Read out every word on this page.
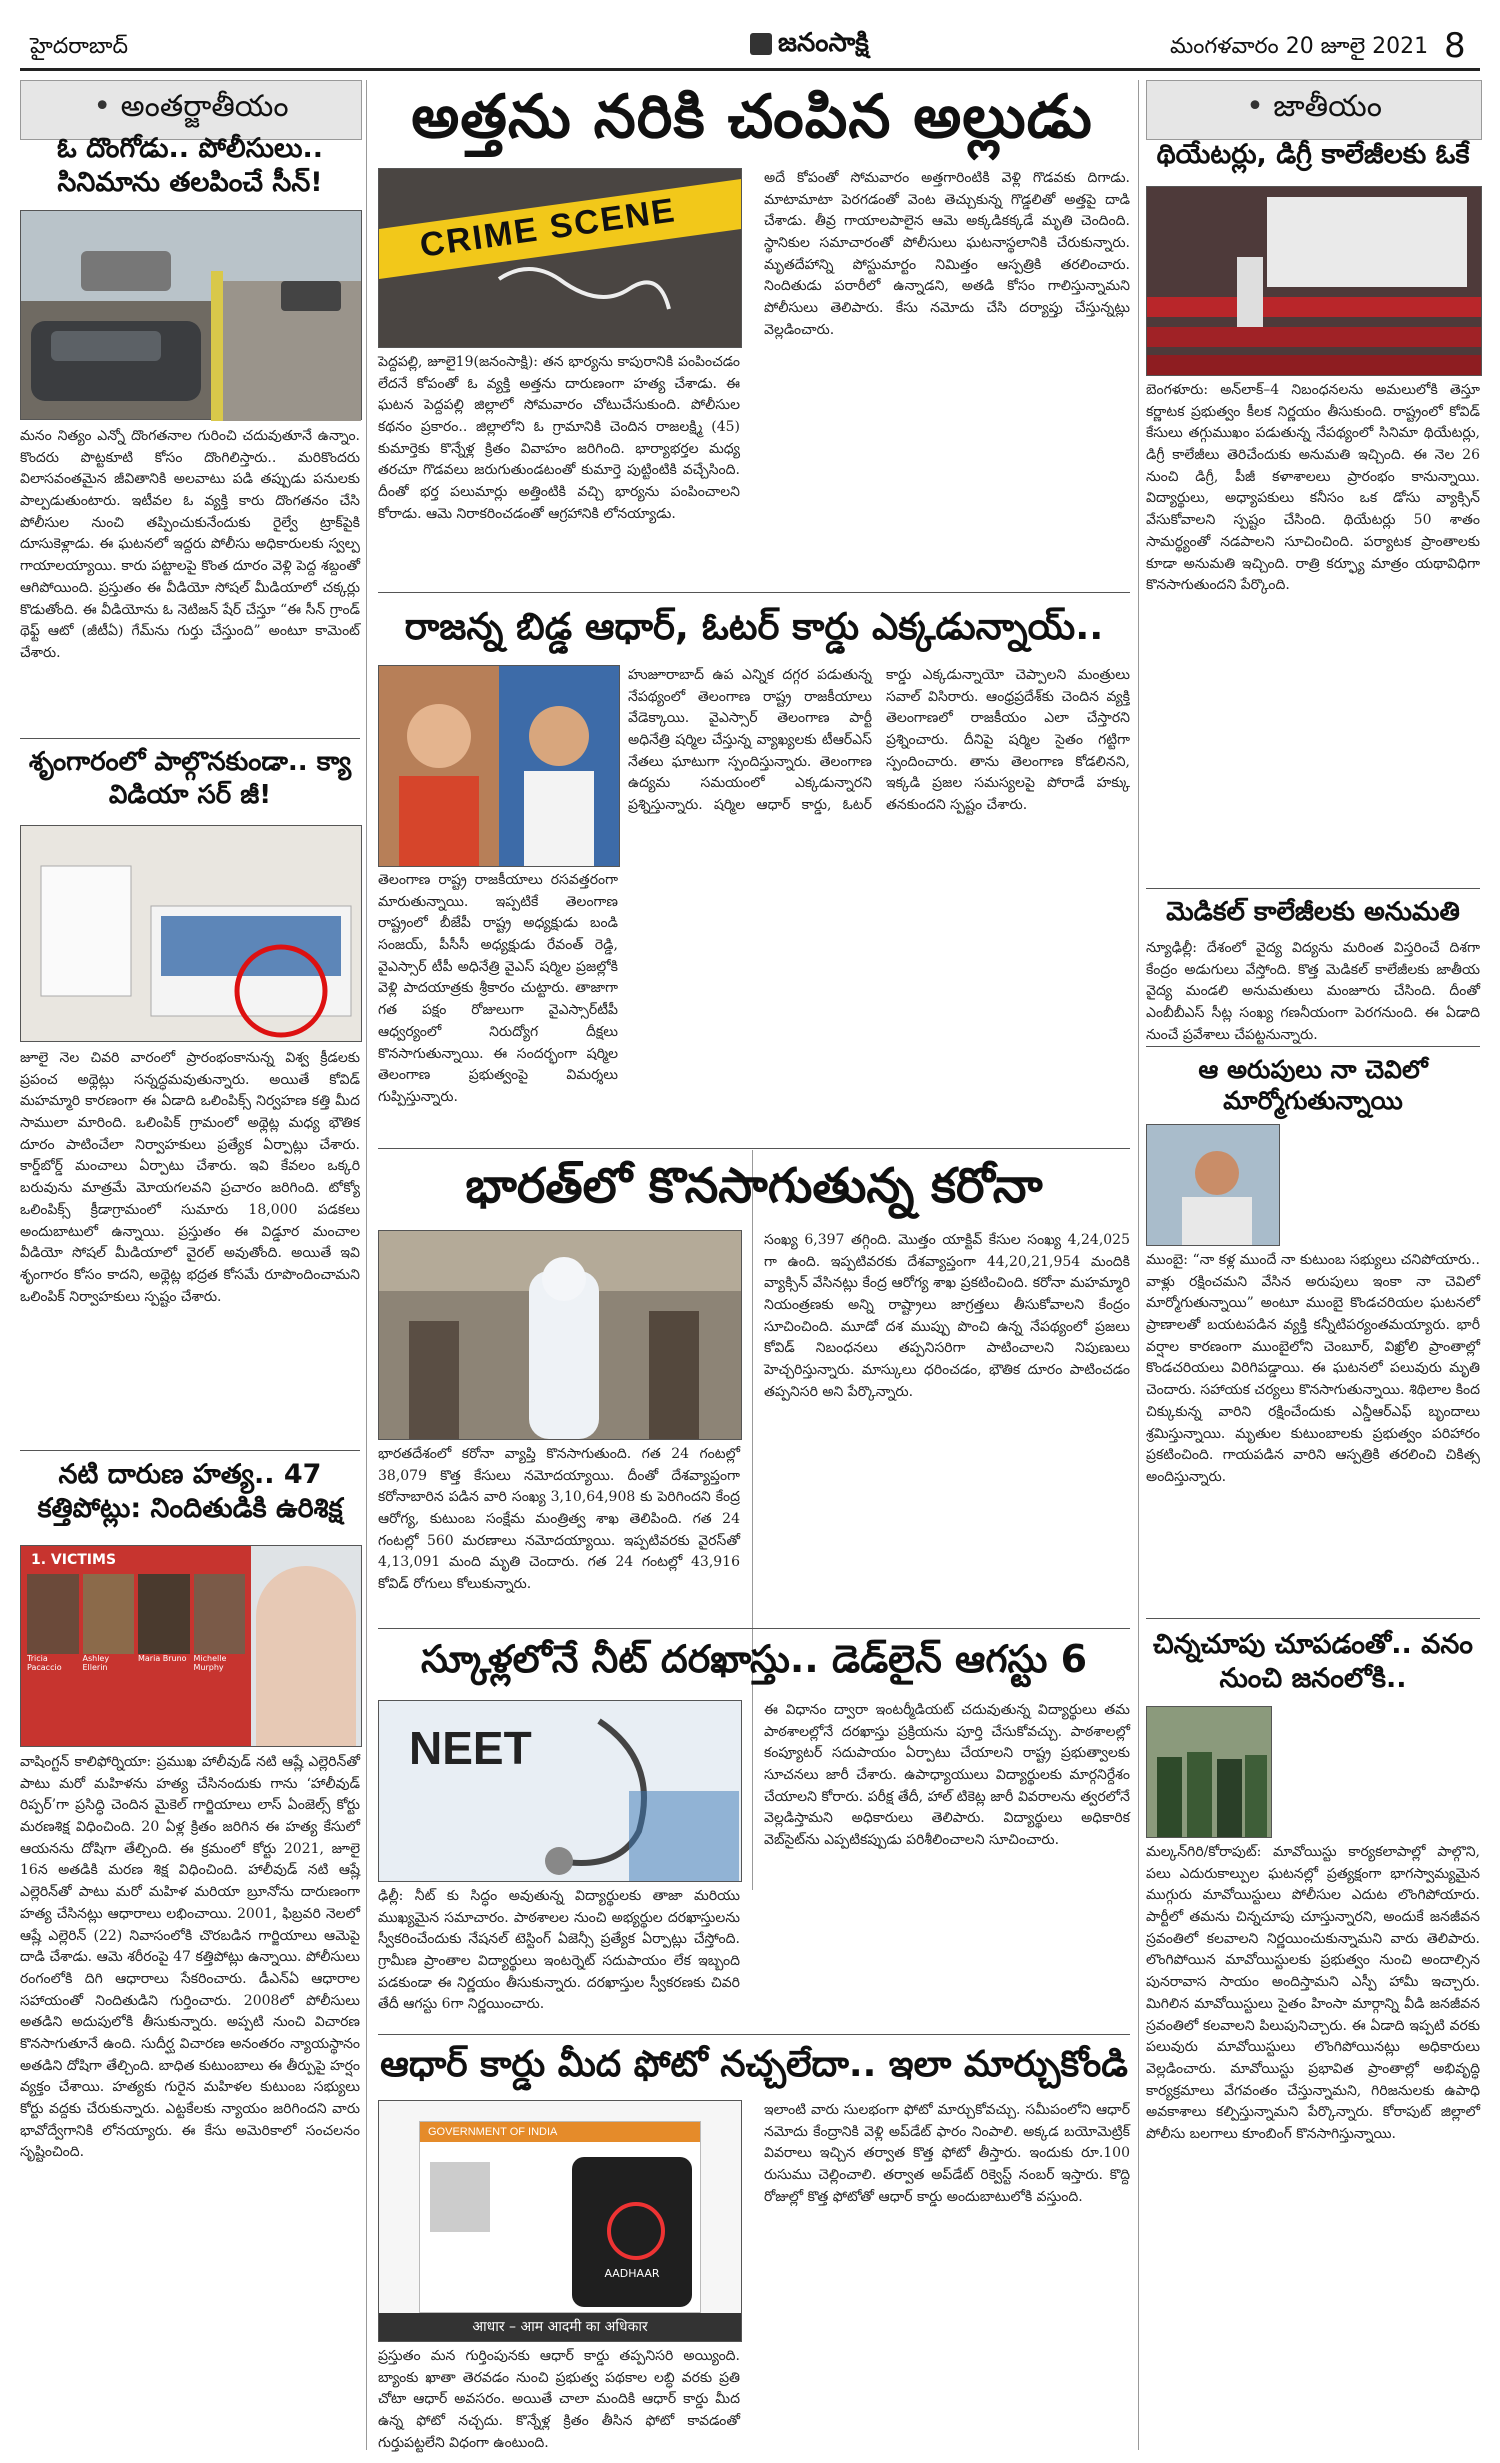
హైదరాబాద్	జనంసాక్షి	మంగళవారం 20 జూలై 2021 8
• అంతర్జాతీయం
ఓ దొంగోడు.. పోలీసులు.. సినిమాను తలపించే సీన్‌!
మనం నిత్యం ఎన్నో దొంగతనాల గురించి చదువుతూనే ఉన్నాం. కొందరు పొట్టకూటి కోసం దొంగిలిస్తారు.. మరికొందరు విలాసవంతమైన జీవితానికి అలవాటు పడి తప్పుడు పనులకు పాల్పడుతుంటారు. ఇటీవల ఓ వ్యక్తి కారు దొంగతనం చేసి పోలీసుల నుంచి తప్పించుకునేందుకు రైల్వే ట్రాక్‌పైకి దూసుకెళ్లాడు. ఈ ఘటనలో ఇద్దరు పోలీసు అధికారులకు స్వల్ప గాయాలయ్యాయి. కారు పట్టాలపై కొంత దూరం వెళ్లి పెద్ద శబ్దంతో ఆగిపోయింది. ప్రస్తుతం ఈ వీడియో సోషల్‌ మీడియాలో చక్కర్లు కొడుతోంది. ఈ వీడియోను ఓ నెటిజన్‌ షేర్‌ చేస్తూ “ఈ సీన్‌ గ్రాండ్‌ థెఫ్ట్‌ ఆటో (జీటీఏ) గేమ్‌ను గుర్తు చేస్తుంది” అంటూ కామెంట్‌ చేశారు.
శృంగారంలో పాల్గొనకుండా.. క్యా విడియా సర్‌ జీ!
జూలై నెల చివరి వారంలో ప్రారంభంకానున్న విశ్వ క్రీడలకు ప్రపంచ అథ్లెట్లు సన్నద్ధమవుతున్నారు. అయితే కోవిడ్‌ మహమ్మారి కారణంగా ఈ ఏడాది ఒలింపిక్స్‌ నిర్వహణ కత్తి మీద సాములా మారింది. ఒలింపిక్‌ గ్రామంలో అథ్లెట్ల మధ్య భౌతిక దూరం పాటించేలా నిర్వాహకులు ప్రత్యేక ఏర్పాట్లు చేశారు. కార్డ్‌బోర్డ్‌ మంచాలు ఏర్పాటు చేశారు. ఇవి కేవలం ఒక్కరి బరువును మాత్రమే మోయగలవని ప్రచారం జరిగింది. టోక్యో ఒలింపిక్స్‌ క్రీడాగ్రామంలో సుమారు 18,000 పడకలు అందుబాటులో ఉన్నాయి. ప్రస్తుతం ఈ విడ్డూర మంచాల వీడియో సోషల్‌ మీడియాలో వైరల్‌ అవుతోంది. అయితే ఇవి శృంగారం కోసం కాదని, అథ్లెట్ల భద్రత కోసమే రూపొందించామని ఒలింపిక్‌ నిర్వాహకులు స్పష్టం చేశారు.
నటి దారుణ హత్య.. 47 కత్తిపోట్లు: నిందితుడికి ఉరిశిక్ష
1. VICTIMS
Tricia Pacaccio
Ashley Ellerin
Maria Bruno Michelle Murphy
వాషింగ్టన్‌ కాలిఫోర్నియా: ప్రముఖ హాలీవుడ్‌ నటి ఆష్లే ఎల్లెరిన్‌తో పాటు మరో మహిళను హత్య చేసినందుకు గాను ‘హాలీవుడ్‌ రిప్పర్‌’గా ప్రసిద్ధి చెందిన మైకెల్‌ గార్జియాలు లాస్‌ ఏంజెల్స్‌ కోర్టు మరణశిక్ష విధించింది. 20 ఏళ్ల క్రితం జరిగిన ఈ హత్య కేసులో ఆయనను దోషిగా తేల్చింది. ఈ క్రమంలో కోర్టు 2021, జూలై 16న అతడికి మరణ శిక్ష విధించింది. హాలీవుడ్‌ నటి ఆష్లే ఎల్లెరిన్‌తో పాటు మరో మహిళ మరియా బ్రూనోను దారుణంగా హత్య చేసినట్లు ఆధారాలు లభించాయి. 2001, ఫిబ్రవరి నెలలో ఆష్లే ఎల్లెరిన్‌ (22) నివాసంలోకి చొరబడిన గార్జియాలు ఆమెపై దాడి చేశాడు. ఆమె శరీరంపై 47 కత్తిపోట్లు ఉన్నాయి. పోలీసులు రంగంలోకి దిగి ఆధారాలు సేకరించారు. డీఎన్‌ఏ ఆధారాల సహాయంతో నిందితుడిని గుర్తించారు. 2008లో పోలీసులు అతడిని అదుపులోకి తీసుకున్నారు. అప్పటి నుంచి విచారణ కొనసాగుతూనే ఉంది. సుదీర్ఘ విచారణ అనంతరం న్యాయస్థానం అతడిని దోషిగా తేల్చింది. బాధిత కుటుంబాలు ఈ తీర్పుపై హర్షం వ్యక్తం చేశాయి. హత్యకు గురైన మహిళల కుటుంబ సభ్యులు కోర్టు వద్దకు చేరుకున్నారు. ఎట్టకేలకు న్యాయం జరిగిందని వారు భావోద్వేగానికి లోనయ్యారు. ఈ కేసు అమెరికాలో సంచలనం సృష్టించింది.
అత్తను నరికి చంపిన అల్లుడు
CRIME SCENE
పెద్దపల్లి, జూలై19(జనంసాక్షి): తన భార్యను కాపురానికి పంపించడం లేదనే కోపంతో ఓ వ్యక్తి అత్తను దారుణంగా హత్య చేశాడు. ఈ ఘటన పెద్దపల్లి జిల్లాలో సోమవారం చోటుచేసుకుంది. పోలీసుల కథనం ప్రకారం.. జిల్లాలోని ఓ గ్రామానికి చెందిన రాజలక్ష్మి (45) కుమార్తెకు కొన్నేళ్ల క్రితం వివాహం జరిగింది. భార్యాభర్తల మధ్య తరచూ గొడవలు జరుగుతుండటంతో కుమార్తె పుట్టింటికి వచ్చేసింది. దీంతో భర్త పలుమార్లు అత్తింటికి వచ్చి భార్యను పంపించాలని కోరాడు. ఆమె నిరాకరించడంతో ఆగ్రహానికి లోనయ్యాడు.
అదే కోపంతో సోమవారం అత్తగారింటికి వెళ్లి గొడవకు దిగాడు. మాటామాటా పెరగడంతో వెంట తెచ్చుకున్న గొడ్డలితో అత్తపై దాడి చేశాడు. తీవ్ర గాయాలపాలైన ఆమె అక్కడికక్కడే మృతి చెందింది. స్థానికుల సమాచారంతో పోలీసులు ఘటనాస్థలానికి చేరుకున్నారు. మృతదేహాన్ని పోస్టుమార్టం నిమిత్తం ఆస్పత్రికి తరలించారు. నిందితుడు పరారీలో ఉన్నాడని, అతడి కోసం గాలిస్తున్నామని పోలీసులు తెలిపారు. కేసు నమోదు చేసి దర్యాప్తు చేస్తున్నట్లు వెల్లడించారు.
రాజన్న బిడ్డ ఆధార్‌, ఓటర్‌ కార్డు ఎక్కడున్నాయ్‌..
తెలంగాణ రాష్ట్ర రాజకీయాలు రసవత్తరంగా మారుతున్నాయి. ఇప్పటికే తెలంగాణ రాష్ట్రంలో బీజేపీ రాష్ట్ర అధ్యక్షుడు బండి సంజయ్‌, పీసీసీ అధ్యక్షుడు రేవంత్‌ రెడ్డి, వైఎస్సార్‌ టీపీ అధినేత్రి వైఎస్‌ షర్మిల ప్రజల్లోకి వెళ్లి పాదయాత్రకు శ్రీకారం చుట్టారు. తాజాగా గత పక్షం రోజులుగా వైఎస్సార్‌టీపీ ఆధ్వర్యంలో నిరుద్యోగ దీక్షలు కొనసాగుతున్నాయి. ఈ సందర్భంగా షర్మిల తెలంగాణ ప్రభుత్వంపై విమర్శలు గుప్పిస్తున్నారు.
హుజూరాబాద్‌ ఉప ఎన్నిక దగ్గర పడుతున్న నేపథ్యంలో తెలంగాణ రాష్ట్ర రాజకీయాలు వేడెక్కాయి. వైఎస్సార్‌ తెలంగాణ పార్టీ అధినేత్రి షర్మిల చేస్తున్న వ్యాఖ్యలకు టీఆర్‌ఎస్‌ నేతలు ఘాటుగా స్పందిస్తున్నారు. తెలంగాణ ఉద్యమ సమయంలో ఎక్కడున్నారని ప్రశ్నిస్తున్నారు. షర్మిల ఆధార్‌ కార్డు, ఓటర్‌ కార్డు ఎక్కడున్నాయో చెప్పాలని మంత్రులు సవాల్‌ విసిరారు. ఆంధ్రప్రదేశ్‌కు చెందిన వ్యక్తి తెలంగాణలో రాజకీయం ఎలా చేస్తారని ప్రశ్నించారు. దీనిపై షర్మిల సైతం గట్టిగా స్పందించారు. తాను తెలంగాణ కోడలినని, ఇక్కడి ప్రజల సమస్యలపై పోరాడే హక్కు తనకుందని స్పష్టం చేశారు.
భారత్‌లో కొనసాగుతున్న కరోనా
భారతదేశంలో కరోనా వ్యాప్తి కొనసాగుతుంది. గత 24 గంటల్లో 38,079 కొత్త కేసులు నమోదయ్యాయి. దీంతో దేశవ్యాప్తంగా కరోనాబారిన పడిన వారి సంఖ్య 3,10,64,908 కు పెరిగిందని కేంద్ర ఆరోగ్య, కుటుంబ సంక్షేమ మంత్రిత్వ శాఖ తెలిపింది. గత 24 గంటల్లో 560 మరణాలు నమోదయ్యాయి. ఇప్పటివరకు వైరస్‌తో 4,13,091 మంది మృతి చెందారు. గత 24 గంటల్లో 43,916 కోవిడ్‌ రోగులు కోలుకున్నారు.
సంఖ్య 6,397 తగ్గింది. మొత్తం యాక్టివ్‌ కేసుల సంఖ్య 4,24,025 గా ఉంది. ఇప్పటివరకు దేశవ్యాప్తంగా 44,20,21,954 మందికి వ్యాక్సిన్‌ వేసినట్లు కేంద్ర ఆరోగ్య శాఖ ప్రకటించింది. కరోనా మహమ్మారి నియంత్రణకు అన్ని రాష్ట్రాలు జాగ్రత్తలు తీసుకోవాలని కేంద్రం సూచించింది. మూడో దశ ముప్పు పొంచి ఉన్న నేపథ్యంలో ప్రజలు కోవిడ్‌ నిబంధనలు తప్పనిసరిగా పాటించాలని నిపుణులు హెచ్చరిస్తున్నారు. మాస్కులు ధరించడం, భౌతిక దూరం పాటించడం తప్పనిసరి అని పేర్కొన్నారు.
స్కూళ్లలోనే నీట్‌ దరఖాస్తు.. డెడ్‌లైన్‌ ఆగస్టు 6
NEET
ఢిల్లీ: నీట్‌ కు సిద్ధం అవుతున్న విద్యార్థులకు తాజా మరియు ముఖ్యమైన సమాచారం. పాఠశాలల నుంచి అభ్యర్థుల దరఖాస్తులను స్వీకరించేందుకు నేషనల్‌ టెస్టింగ్‌ ఏజెన్సీ ప్రత్యేక ఏర్పాట్లు చేస్తోంది. గ్రామీణ ప్రాంతాల విద్యార్థులు ఇంటర్నెట్‌ సదుపాయం లేక ఇబ్బంది పడకుండా ఈ నిర్ణయం తీసుకున్నారు. దరఖాస్తుల స్వీకరణకు చివరి తేదీ ఆగస్టు 6గా నిర్ణయించారు.
ఈ విధానం ద్వారా ఇంటర్మీడియట్‌ చదువుతున్న విద్యార్థులు తమ పాఠశాలల్లోనే దరఖాస్తు ప్రక్రియను పూర్తి చేసుకోవచ్చు. పాఠశాలల్లో కంప్యూటర్‌ సదుపాయం ఏర్పాటు చేయాలని రాష్ట్ర ప్రభుత్వాలకు సూచనలు జారీ చేశారు. ఉపాధ్యాయులు విద్యార్థులకు మార్గనిర్దేశం చేయాలని కోరారు. పరీక్ష తేదీ, హాల్‌ టికెట్ల జారీ వివరాలను త్వరలోనే వెల్లడిస్తామని అధికారులు తెలిపారు. విద్యార్థులు అధికారిక వెబ్‌సైట్‌ను ఎప్పటికప్పుడు పరిశీలించాలని సూచించారు.
ఆధార్‌ కార్డు మీద ఫోటో నచ్చలేదా.. ఇలా మార్చుకోండి
GOVERNMENT OF INDIA
AADHAAR
आधार – आम आदमी का अधिकार
ప్రస్తుతం మన గుర్తింపునకు ఆధార్‌ కార్డు తప్పనిసరి అయ్యింది. బ్యాంకు ఖాతా తెరవడం నుంచి ప్రభుత్వ పథకాల లబ్ధి వరకు ప్రతి చోటా ఆధార్‌ అవసరం. అయితే చాలా మందికి ఆధార్‌ కార్డు మీద ఉన్న ఫోటో నచ్చదు. కొన్నేళ్ల క్రితం తీసిన ఫోటో కావడంతో గుర్తుపట్టలేని విధంగా ఉంటుంది.
ఇలాంటి వారు సులభంగా ఫోటో మార్చుకోవచ్చు. సమీపంలోని ఆధార్‌ నమోదు కేంద్రానికి వెళ్లి అప్‌డేట్‌ ఫారం నింపాలి. అక్కడ బయోమెట్రిక్‌ వివరాలు ఇచ్చిన తర్వాత కొత్త ఫోటో తీస్తారు. ఇందుకు రూ.100 రుసుము చెల్లించాలి. తర్వాత అప్‌డేట్‌ రిక్వెస్ట్‌ నంబర్‌ ఇస్తారు. కొద్ది రోజుల్లో కొత్త ఫోటోతో ఆధార్‌ కార్డు అందుబాటులోకి వస్తుంది.
• జాతీయం
థియేటర్లు, డిగ్రీ కాలేజీలకు ఓకే
బెంగళూరు: అన్‌లాక్‌–4 నిబంధనలను అమలులోకి తెస్తూ కర్ణాటక ప్రభుత్వం కీలక నిర్ణయం తీసుకుంది. రాష్ట్రంలో కోవిడ్‌ కేసులు తగ్గుముఖం పడుతున్న నేపథ్యంలో సినిమా థియేటర్లు, డిగ్రీ కాలేజీలు తెరిచేందుకు అనుమతి ఇచ్చింది. ఈ నెల 26 నుంచి డిగ్రీ, పీజీ కళాశాలలు ప్రారంభం కానున్నాయి. విద్యార్థులు, అధ్యాపకులు కనీసం ఒక డోసు వ్యాక్సిన్‌ వేసుకోవాలని స్పష్టం చేసింది. థియేటర్లు 50 శాతం సామర్థ్యంతో నడపాలని సూచించింది. పర్యాటక ప్రాంతాలకు కూడా అనుమతి ఇచ్చింది. రాత్రి కర్ఫ్యూ మాత్రం యథావిధిగా కొనసాగుతుందని పేర్కొంది.
మెడికల్‌ కాలేజీలకు అనుమతి
న్యూఢిల్లీ: దేశంలో వైద్య విద్యను మరింత విస్తరించే దిశగా కేంద్రం అడుగులు వేస్తోంది. కొత్త మెడికల్‌ కాలేజీలకు జాతీయ వైద్య మండలి అనుమతులు మంజూరు చేసింది. దీంతో ఎంబీబీఎస్‌ సీట్ల సంఖ్య గణనీయంగా పెరగనుంది. ఈ ఏడాది నుంచే ప్రవేశాలు చేపట్టనున్నారు.
ఆ అరుపులు నా చెవిలో మార్మోగుతున్నాయి
ముంబై: “నా కళ్ల ముందే నా కుటుంబ సభ్యులు చనిపోయారు.. వాళ్లు రక్షించమని వేసిన అరుపులు ఇంకా నా చెవిలో మార్మోగుతున్నాయి” అంటూ ముంబై కొండచరియల ఘటనలో ప్రాణాలతో బయటపడిన వ్యక్తి కన్నీటిపర్యంతమయ్యారు. భారీ వర్షాల కారణంగా ముంబైలోని చెంబూర్‌, విఖ్రోలి ప్రాంతాల్లో కొండచరియలు విరిగిపడ్డాయి. ఈ ఘటనలో పలువురు మృతి చెందారు. సహాయక చర్యలు కొనసాగుతున్నాయి. శిథిలాల కింద చిక్కుకున్న వారిని రక్షించేందుకు ఎన్డీఆర్‌ఎఫ్‌ బృందాలు శ్రమిస్తున్నాయి. మృతుల కుటుంబాలకు ప్రభుత్వం పరిహారం ప్రకటించింది. గాయపడిన వారిని ఆస్పత్రికి తరలించి చికిత్స అందిస్తున్నారు.
చిన్నచూపు చూపడంతో.. వనం నుంచి జనంలోకి..
మల్కన్‌గిరి/కోరాపుట్‌: మావోయిస్టు కార్యకలాపాల్లో పాల్గొని, పలు ఎదురుకాల్పుల ఘటనల్లో ప్రత్యక్షంగా భాగస్వామ్యమైన ముగ్గురు మావోయిస్టులు పోలీసుల ఎదుట లొంగిపోయారు. పార్టీలో తమను చిన్నచూపు చూస్తున్నారని, అందుకే జనజీవన స్రవంతిలో కలవాలని నిర్ణయించుకున్నామని వారు తెలిపారు. లొంగిపోయిన మావోయిస్టులకు ప్రభుత్వం నుంచి అందాల్సిన పునరావాస సాయం అందిస్తామని ఎస్పీ హామీ ఇచ్చారు. మిగిలిన మావోయిస్టులు సైతం హింసా మార్గాన్ని వీడి జనజీవన స్రవంతిలో కలవాలని పిలుపునిచ్చారు. ఈ ఏడాది ఇప్పటి వరకు పలువురు మావోయిస్టులు లొంగిపోయినట్లు అధికారులు వెల్లడించారు. మావోయిస్టు ప్రభావిత ప్రాంతాల్లో అభివృద్ధి కార్యక్రమాలు వేగవంతం చేస్తున్నామని, గిరిజనులకు ఉపాధి అవకాశాలు కల్పిస్తున్నామని పేర్కొన్నారు. కోరాపుట్‌ జిల్లాలో పోలీసు బలగాలు కూంబింగ్‌ కొనసాగిస్తున్నాయి.
